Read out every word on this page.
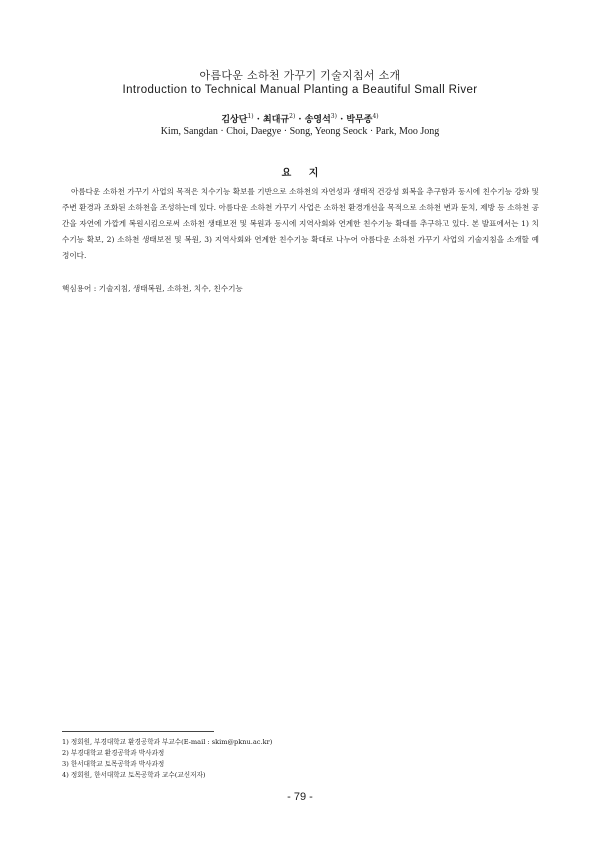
아름다운 소하천 가꾸기 기술지침서 소개
Introduction to Technical Manual Planting a Beautiful Small River
김상단$^{1)}$ · 최대규$^{2)}$ · 송영석$^{3)}$ · 박무종$^{4)}$
Kim, Sangdan · Choi, Daegye · Song, Yeong Seock · Park, Moo Jong
요 지

아름다운 소하천 가꾸기 사업의 목적은 치수기능 확보를 기반으로 소하천의 자연성과 생태적 건강성 회복을 추구함과 동시에 친수기능 강화 및 주변 환경과 조화된 소하천을 조성하는데 있다. 아름다운 소하천 가꾸기 사업은 소하천 환경개선을 목적으로 소하천 변과 둔치, 제방 등 소하천 공간을 자연에 가깝게 복원시킴으로써 소하천 생태보전 및 복원과 동시에 지역사회와 연계한 친수기능 확대를 추구하고 있다. 본 발표에서는 1) 치수기능 확보, 2) 소하천 생태보전 및 복원, 3) 지역사회와 연계한 친수기능 확대로 나누어 아름다운 소하천 가꾸기 사업의 기술지침을 소개할 예정이다.

핵심용어 : 기술지침, 생태복원, 소하천, 치수, 친수기능

1) 정회원, 부경대학교 환경공학과 부교수(E-mail : skim@pknu.ac.kr)
2) 부경대학교 환경공학과 박사과정
3) 한서대학교 토목공학과 박사과정
4) 정회원, 한서대학교 토목공학과 교수(교신저자)
- 79 -
